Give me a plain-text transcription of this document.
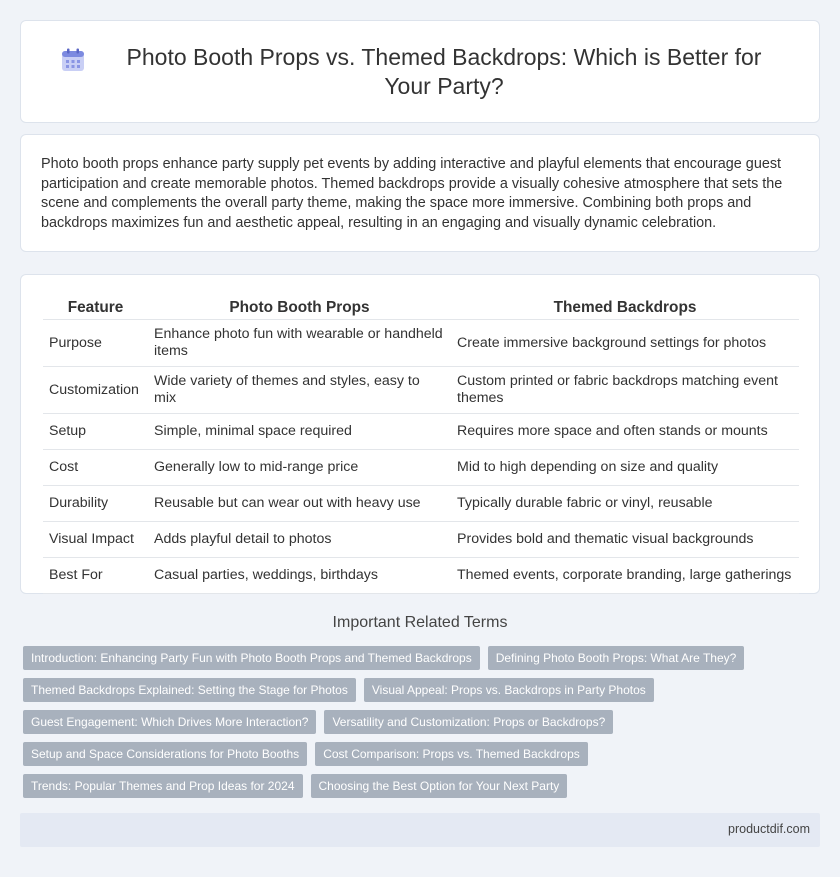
Photo Booth Props vs. Themed Backdrops: Which is Better for Your Party?

Photo booth props enhance party supply pet events by adding interactive and playful elements that encourage guest participation and create memorable photos. Themed backdrops provide a visually cohesive atmosphere that sets the scene and complements the overall party theme, making the space more immersive. Combining both props and backdrops maximizes fun and aesthetic appeal, resulting in an engaging and visually dynamic celebration.

Feature	Photo Booth Props	Themed Backdrops
Purpose	Enhance photo fun with wearable or handheld items	Create immersive background settings for photos
Customization	Wide variety of themes and styles, easy to mix	Custom printed or fabric backdrops matching event themes
Setup	Simple, minimal space required	Requires more space and often stands or mounts
Cost	Generally low to mid-range price	Mid to high depending on size and quality
Durability	Reusable but can wear out with heavy use	Typically durable fabric or vinyl, reusable
Visual Impact	Adds playful detail to photos	Provides bold and thematic visual backgrounds
Best For	Casual parties, weddings, birthdays	Themed events, corporate branding, large gatherings
Important Related Terms
Introduction: Enhancing Party Fun with Photo Booth Props and Themed Backdrops	Defining Photo Booth Props: What Are They?
Themed Backdrops Explained: Setting the Stage for Photos	Visual Appeal: Props vs. Backdrops in Party Photos
Guest Engagement: Which Drives More Interaction?	Versatility and Customization: Props or Backdrops?
Setup and Space Considerations for Photo Booths	Cost Comparison: Props vs. Themed Backdrops
Trends: Popular Themes and Prop Ideas for 2024	Choosing the Best Option for Your Next Party
productdif.com
